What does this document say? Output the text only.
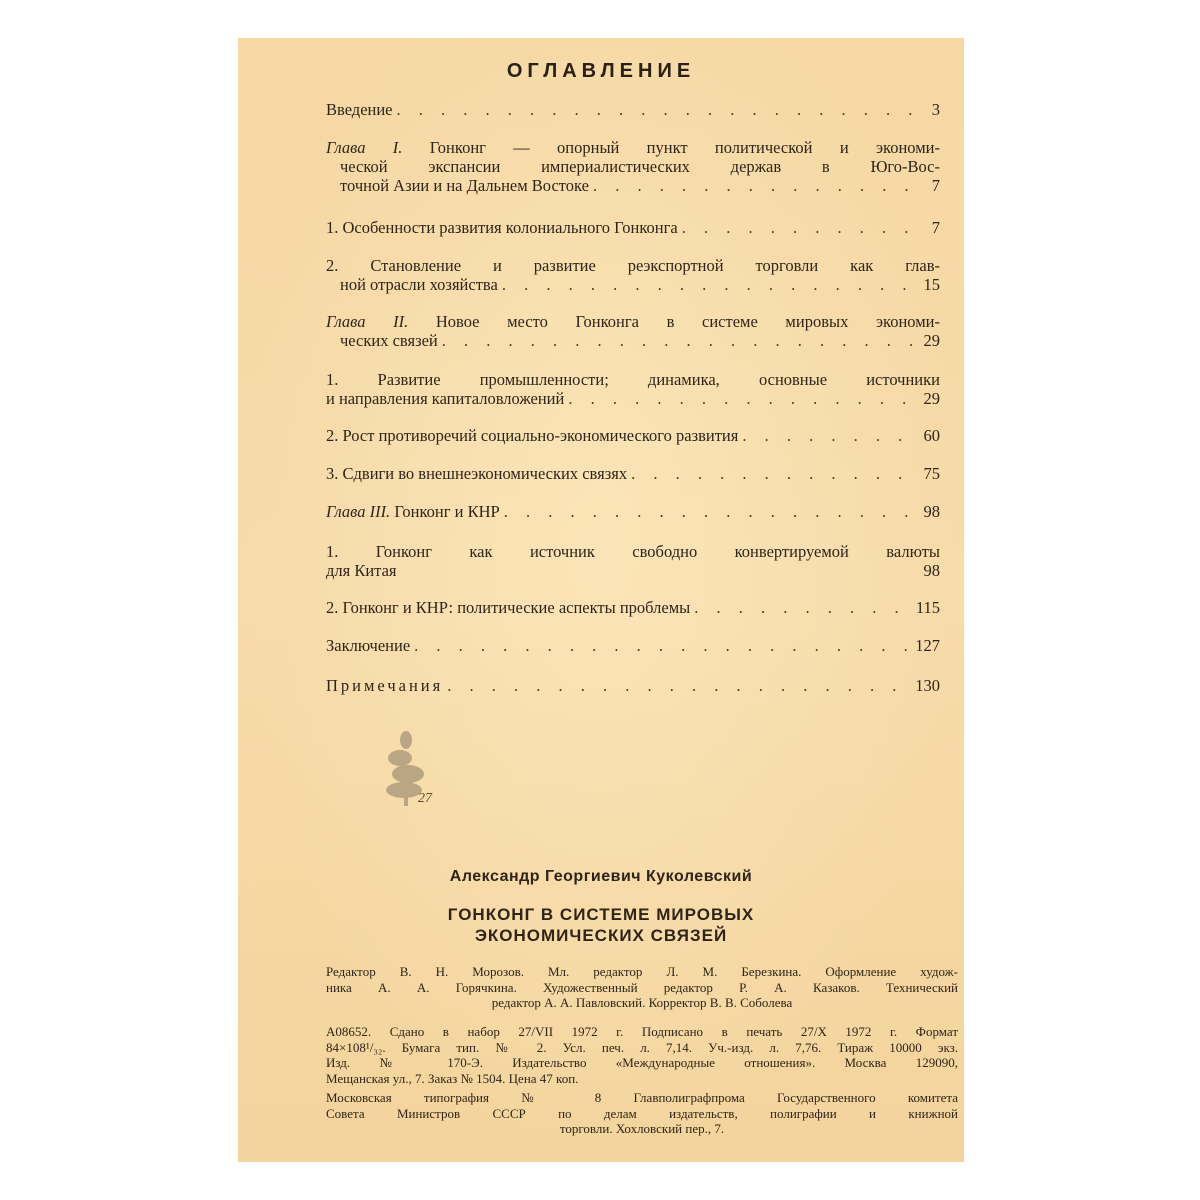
ОГЛАВЛЕНИЕ
Введение . . .	3
Глава I. Гонконг — опорный пункт политической и экономи-
ческой экспансии империалистических держав в Юго-Вос-
точной Азии и на Дальнем Востоке . . .	7
1. Особенности развития колониального Гонконга . . .	7
2. Становление и развитие реэкспортной торговли как глав-
ной отрасли хозяйства . . .	15
Глава II. Новое место Гонконга в системе мировых экономи-
ческих связей . . .	29
1. Развитие промышленности; динамика, основные источники
и направления капиталовложений . . .	29
2. Рост противоречий социально-экономического развития . . .	60
3. Сдвиги во внешнеэкономических связях . . .	75
Глава III. Гонконг и КНР . . .	98
1. Гонконг как источник свободно конвертируемой валюты
для Китая	98
2. Гонконг и КНР: политические аспекты проблемы . . .	115
Заключение . . .	127
Примечания . . .	130
27
Александр Георгиевич Куколевский
ГОНКОНГ В СИСТЕМЕ МИРОВЫХ
ЭКОНОМИЧЕСКИХ СВЯЗЕЙ
Редактор В. Н. Морозов. Мл. редактор Л. М. Березкина. Оформление худож-
ника А. А. Горячкина. Художественный редактор Р. А. Казаков. Технический
редактор А. А. Павловский. Корректор В. В. Соболева
А08652. Сдано в набор 27/VII 1972 г. Подписано в печать 27/X 1972 г. Формат
84×108¹/₃₂. Бумага тип. № 2. Усл. печ. л. 7,14. Уч.-изд. л. 7,76. Тираж 10000 экз.
Изд. № 170-Э. Издательство «Международные отношения». Москва 129090,
Мещанская ул., 7. Заказ № 1504. Цена 47 коп.
Московская типография № 8 Главполиграфпрома Государственного комитета
Совета Министров СССР по делам издательств, полиграфии и книжной
торговли. Хохловский пер., 7.
